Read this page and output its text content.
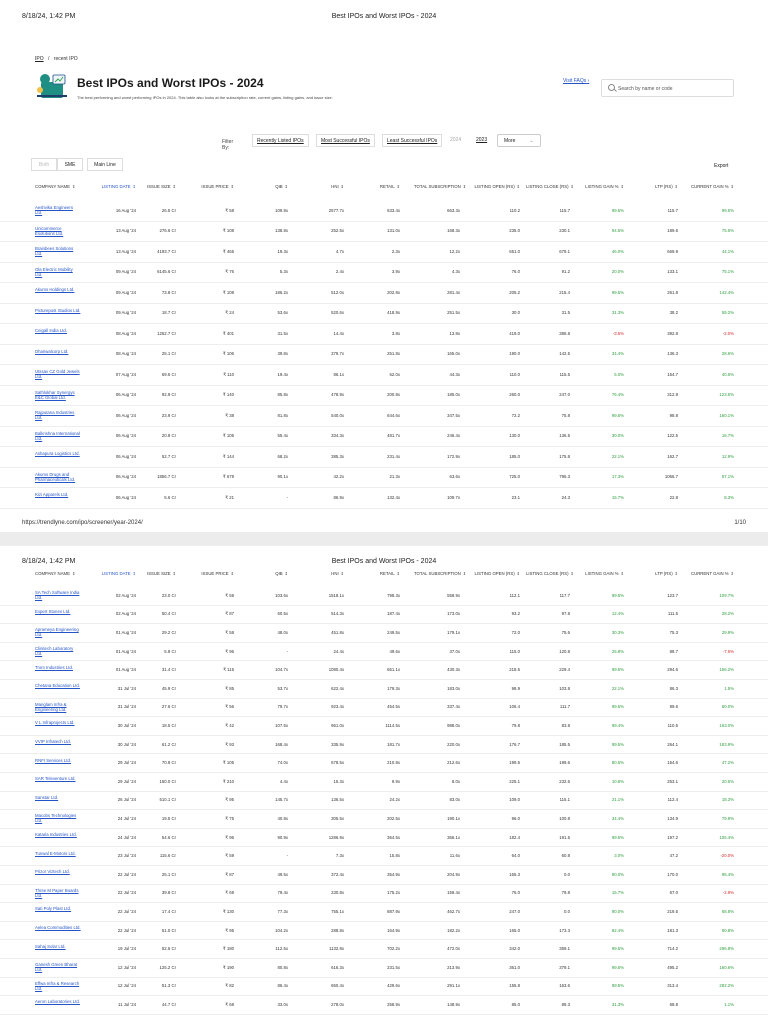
8/18/24, 1:42 PM	Best IPOs and Worst IPOs - 2024
IPO / recent IPO
Best IPOs and Worst IPOs - 2024
The best performing and worst performing IPOs in 2024. This table also looks at the subscription rate, current gains, listing gains, and issue size.
Visit FAQs ›
Search by name or code
Filter By:
Recently Listed IPOs	Most Successful IPOs	Least Successful IPOs	2024	2023	More	⌄
Both	SME	Main Line	Export
COMPANY NAME ⇕	LISTING DATE ⇕	ISSUE SIZE ⇕	ISSUE PRICE ⇕	QIB ⇕	HNI ⇕	RETAIL ⇕	TOTAL SUBSCRIPTION ⇕	LISTING OPEN (RS) ⇕ LISTING CLOSE (RS) ⇕	LISTING GAIN % ⇕	LTP (RS) ⇕	CURRENT GAIN % ⇕
Aeshvika Engineers Ltd.	16 Aug '24	26.5 Cr	₹ 58	109.9x	2577.7x	633.4x	663.3x	110.2	115.7	99.5%	115.7	99.5%
Unicommerce Esolutions Ltd.	13 Aug '24	276.6 Cr	₹ 108	138.8x	252.5x	131.0x	168.3x	235.0	230.1	94.5%	189.6	75.6%
Brainbees Solutions Ltd.	13 Aug '24	4193.7 Cr	₹ 465	19.3x	4.7x	2.3x	12.2x	651.0	679.1	46.0%	669.9	44.1%
Ola Electric Mobility Ltd.	09 Aug '24	6145.6 Cr	₹ 76	5.3x	2.4x	3.9x	4.3x	76.0	91.2	20.0%	133.1	75.1%
Akums Holdings Ltd.	09 Aug '24	73.8 Cr	₹ 108	186.2x	512.0x	202.8x	281.4x	205.2	215.4	99.5%	261.8	142.4%
Picturepost Studios Ltd.	09 Aug '24	18.7 Cr	₹ 24	53.6x	520.6x	418.9x	251.5x	30.0	31.5	31.3%	38.2	59.2%
Ceigall India Ltd.	08 Aug '24	1252.7 Cr	₹ 401	31.5x	14.4x	3.8x	13.8x	419.0	386.8	-3.5%	392.8	-2.0%
Dhariwalcorp Ltd.	08 Aug '24	25.1 Cr	₹ 106	39.8x	379.7x	251.8x	165.0x	190.0	142.5	34.4%	136.3	28.6%
Utssav CZ Gold Jewels Ltd.	07 Aug '24	69.5 Cr	₹ 110	19.4x	86.1x	62.0x	44.3x	110.0	115.5	5.0%	154.7	40.6%
Sathlokhar Synergys E&C Global Ltd.	06 Aug '24	92.9 Cr	₹ 140	85.8x	478.9x	200.8x	185.0x	260.0	247.0	76.4%	312.9	123.5%
Rajputana Industries Ltd.	06 Aug '24	23.9 Cr	₹ 38	81.8x	540.0x	644.6x	347.5x	72.2	75.8	99.5%	98.8	160.1%
Balkrishna International Ltd.	06 Aug '24	20.8 Cr	₹ 105	55.4x	334.3x	481.7x	246.4x	130.0	136.5	30.0%	122.5	16.7%
Ashapura Logistics Ltd.	06 Aug '24	52.7 Cr	₹ 144	68.2x	385.3x	231.4x	172.9x	185.0	175.8	22.1%	162.7	12.9%
Akums Drugs and Pharmaceuticals Ltd.	06 Aug '24	1856.7 Cr	₹ 679	90.1x	42.2x	21.3x	63.6x	725.0	796.3	17.3%	1066.7	57.1%
Kizi Apparels Ltd.	06 Aug '24	5.6 Cr	₹ 21	-	86.9x	132.4x	109.7x	23.1	24.3	15.7%	22.8	8.3%
https://trendlyne.com/ipo/screener/year-2024/	1/10
8/18/24, 1:42 PM	Best IPOs and Worst IPOs - 2024
COMPANY NAME ⇕	LISTING DATE ⇕	ISSUE SIZE ⇕	ISSUE PRICE ⇕	QIB ⇕	HNI ⇕	RETAIL ⇕	TOTAL SUBSCRIPTION ⇕	LISTING OPEN (RS) ⇕ LISTING CLOSE (RS) ⇕	LISTING GAIN % ⇕	LTP (RS) ⇕	CURRENT GAIN % ⇕
SA Tech Software India Ltd.	02 Aug '24	23.0 Cr	₹ 59	103.6x	1518.1x	798.3x	558.9x	112.1	117.7	99.5%	123.7	109.7%
Expert Stones Ltd.	02 Aug '24	50.4 Cr	₹ 87	60.5x	514.3x	187.4x	173.0x	93.2	97.8	12.4%	111.5	28.2%
Aprameya Engineering Ltd.	01 Aug '24	29.2 Cr	₹ 58	48.0x	451.8x	249.5x	179.1x	72.0	75.6	30.3%	75.3	29.9%
Clinitech Laboratory Ltd.	01 Aug '24	5.8 Cr	₹ 96	-	24.4x	49.6x	37.0x	115.0	120.8	25.8%	88.7	-7.6%
Trom Industries Ltd.	01 Aug '24	31.4 Cr	₹ 115	104.7x	1080.4x	651.1x	430.3x	218.5	229.4	99.5%	294.6	156.2%
Chetana Education Ltd.	31 Jul '24	45.9 Cr	₹ 85	53.7x	622.4x	179.3x	183.0x	98.9	103.8	22.1%	86.3	1.5%
Manglam Infra & Engineering Ltd.	31 Jul '24	27.6 Cr	₹ 56	79.7x	923.4x	454.5x	337.4x	106.4	111.7	99.5%	89.6	60.0%
V L Infraprojects Ltd.	30 Jul '24	18.5 Cr	₹ 42	107.5x	961.0x	1114.5x	988.0x	79.8	83.8	99.4%	110.5	163.0%
VVIP Infratech Ltd.	30 Jul '24	61.2 Cr	₹ 93	168.4x	335.9x	181.7x	220.0x	176.7	185.5	99.5%	264.1	183.9%
RNFI Services Ltd.	29 Jul '24	70.8 Cr	₹ 105	74.0x	678.5x	210.8x	212.6x	199.5	189.6	80.5%	154.6	47.2%
SAR Televenture Ltd.	29 Jul '24	150.0 Cr	₹ 210	4.4x	15.3x	9.9x	8.0x	225.1	232.6	10.8%	253.1	20.5%
Sanstar Ltd.	26 Jul '24	510.1 Cr	₹ 95	145.7x	136.5x	24.2x	83.0x	109.0	115.1	21.1%	112.4	18.3%
Macobs Technologies Ltd.	24 Jul '24	19.5 Cr	₹ 75	40.8x	305.5x	202.5x	190.1x	96.0	100.8	34.4%	134.9	79.9%
Kataria Industries Ltd.	24 Jul '24	54.6 Cr	₹ 96	90.9x	1286.9x	364.5x	366.1x	182.4	191.5	99.5%	197.2	105.4%
Tunwal E-Motors Ltd.	23 Jul '24	115.6 Cr	₹ 59	-	7.3x	15.8x	11.6x	64.0	60.8	3.0%	47.2	-20.0%
Prizor Viztech Ltd.	22 Jul '24	25.1 Cr	₹ 87	49.5x	372.4x	354.9x	204.9x	165.3	0.0	90.0%	170.0	95.4%
Three M Paper Boards Ltd.	22 Jul '24	39.8 Cr	₹ 69	79.4x	230.8x	175.2x	159.4x	76.0	79.8	15.7%	67.0	-2.9%
Sati Poly Plast Ltd.	22 Jul '24	17.4 Cr	₹ 130	77.3x	755.1x	887.9x	462.7x	247.0	0.0	90.0%	219.5	68.8%
Aelea Commodities Ltd.	22 Jul '24	51.0 Cr	₹ 95	104.2x	288.8x	164.9x	182.2x	165.0	173.3	82.4%	181.3	90.8%
Sahaj Solar Ltd.	19 Jul '24	52.6 Cr	₹ 180	112.5x	1132.8x	702.2x	472.0x	342.0	359.1	99.5%	714.2	296.8%
Ganesh Green Bharat Ltd.	12 Jul '24	125.2 Cr	₹ 190	80.8x	616.3x	231.5x	213.9x	361.0	379.1	99.5%	495.2	160.6%
Effwa Infra & Research Ltd.	12 Jul '24	51.3 Cr	₹ 82	86.4x	650.4x	429.6x	291.1x	155.8	163.6	99.5%	313.4	282.2%
Aeron Laboratories Ltd.	11 Jul '24	44.7 Cr	₹ 68	33.0x	278.0x	258.9x	148.9x	85.0	89.3	31.3%	68.8	1.1%
